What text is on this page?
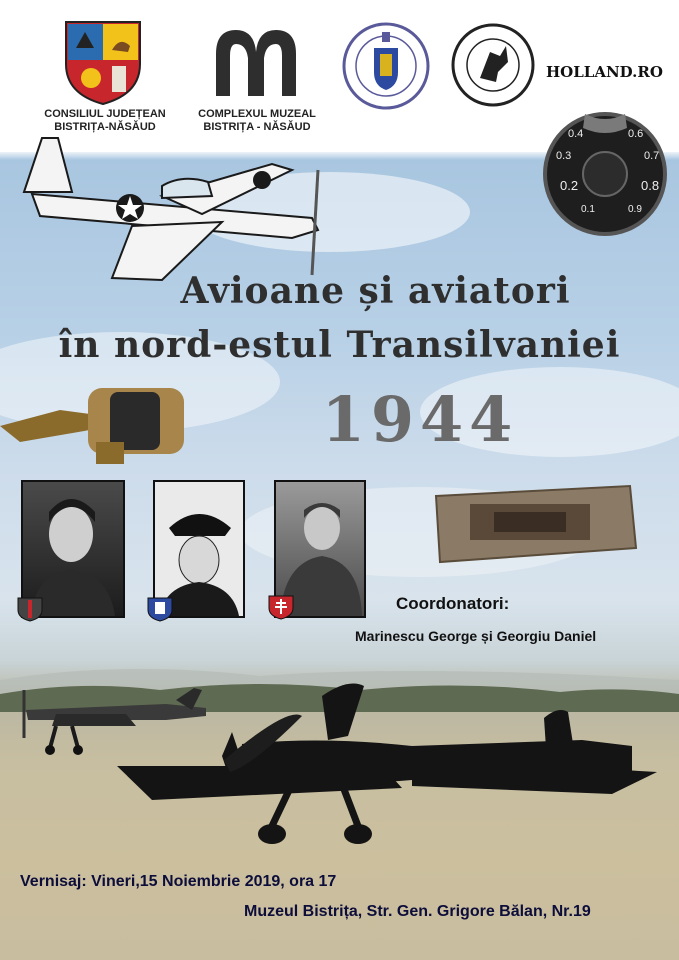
CONSILIUL JUDEȚEAN
BISTRIȚA-NĂSĂUD
COMPLEXUL MUZEAL
BISTRIȚA - NĂSĂUD
HOLLAND.RO
0.1
0.2
0.3
0.4	0.6
0.7
0.8
0.9
Avioane și aviatori
în nord-estul Transilvaniei
1944
Coordonatori:
Marinescu George și Georgiu Daniel
Vernisaj: Vineri,15 Noiembrie 2019, ora 17
Muzeul Bistrița, Str. Gen. Grigore Bălan, Nr.19
